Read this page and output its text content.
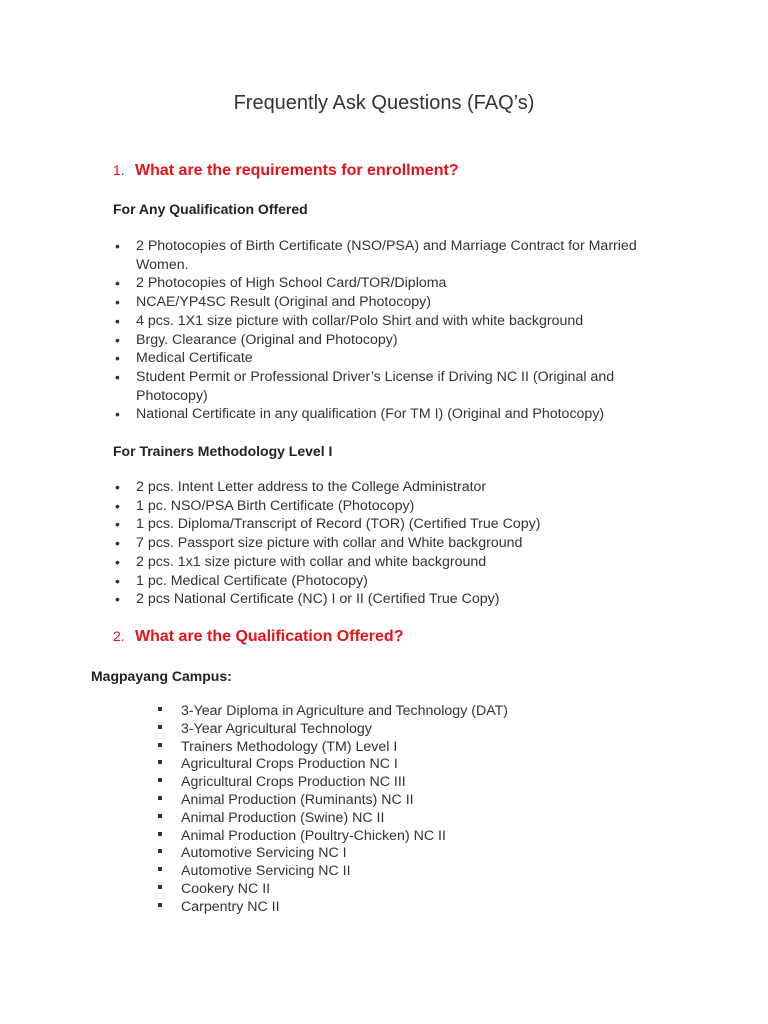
Frequently Ask Questions (FAQ’s)
1. What are the requirements for enrollment?
For Any Qualification Offered
• 2 Photocopies of Birth Certificate (NSO/PSA) and Marriage Contract for Married Women.
• 2 Photocopies of High School Card/TOR/Diploma
• NCAE/YP4SC Result (Original and Photocopy)
• 4 pcs. 1X1 size picture with collar/Polo Shirt and with white background
• Brgy. Clearance (Original and Photocopy)
• Medical Certificate
• Student Permit or Professional Driver’s License if Driving NC II (Original and Photocopy)
• National Certificate in any qualification (For TM I) (Original and Photocopy)
For Trainers Methodology Level I
• 2 pcs. Intent Letter address to the College Administrator
• 1 pc. NSO/PSA Birth Certificate (Photocopy)
• 1 pcs. Diploma/Transcript of Record (TOR) (Certified True Copy)
• 7 pcs. Passport size picture with collar and White background
• 2 pcs. 1x1 size picture with collar and white background
• 1 pc. Medical Certificate (Photocopy)
• 2 pcs National Certificate (NC) I or II (Certified True Copy)
2. What are the Qualification Offered?
Magpayang Campus:
3-Year Diploma in Agriculture and Technology (DAT)
3-Year Agricultural Technology
Trainers Methodology (TM) Level I
Agricultural Crops Production NC I
Agricultural Crops Production NC III
Animal Production (Ruminants) NC II
Animal Production (Swine) NC II
Animal Production (Poultry-Chicken) NC II
Automotive Servicing NC I
Automotive Servicing NC II
Cookery NC II
Carpentry NC II
